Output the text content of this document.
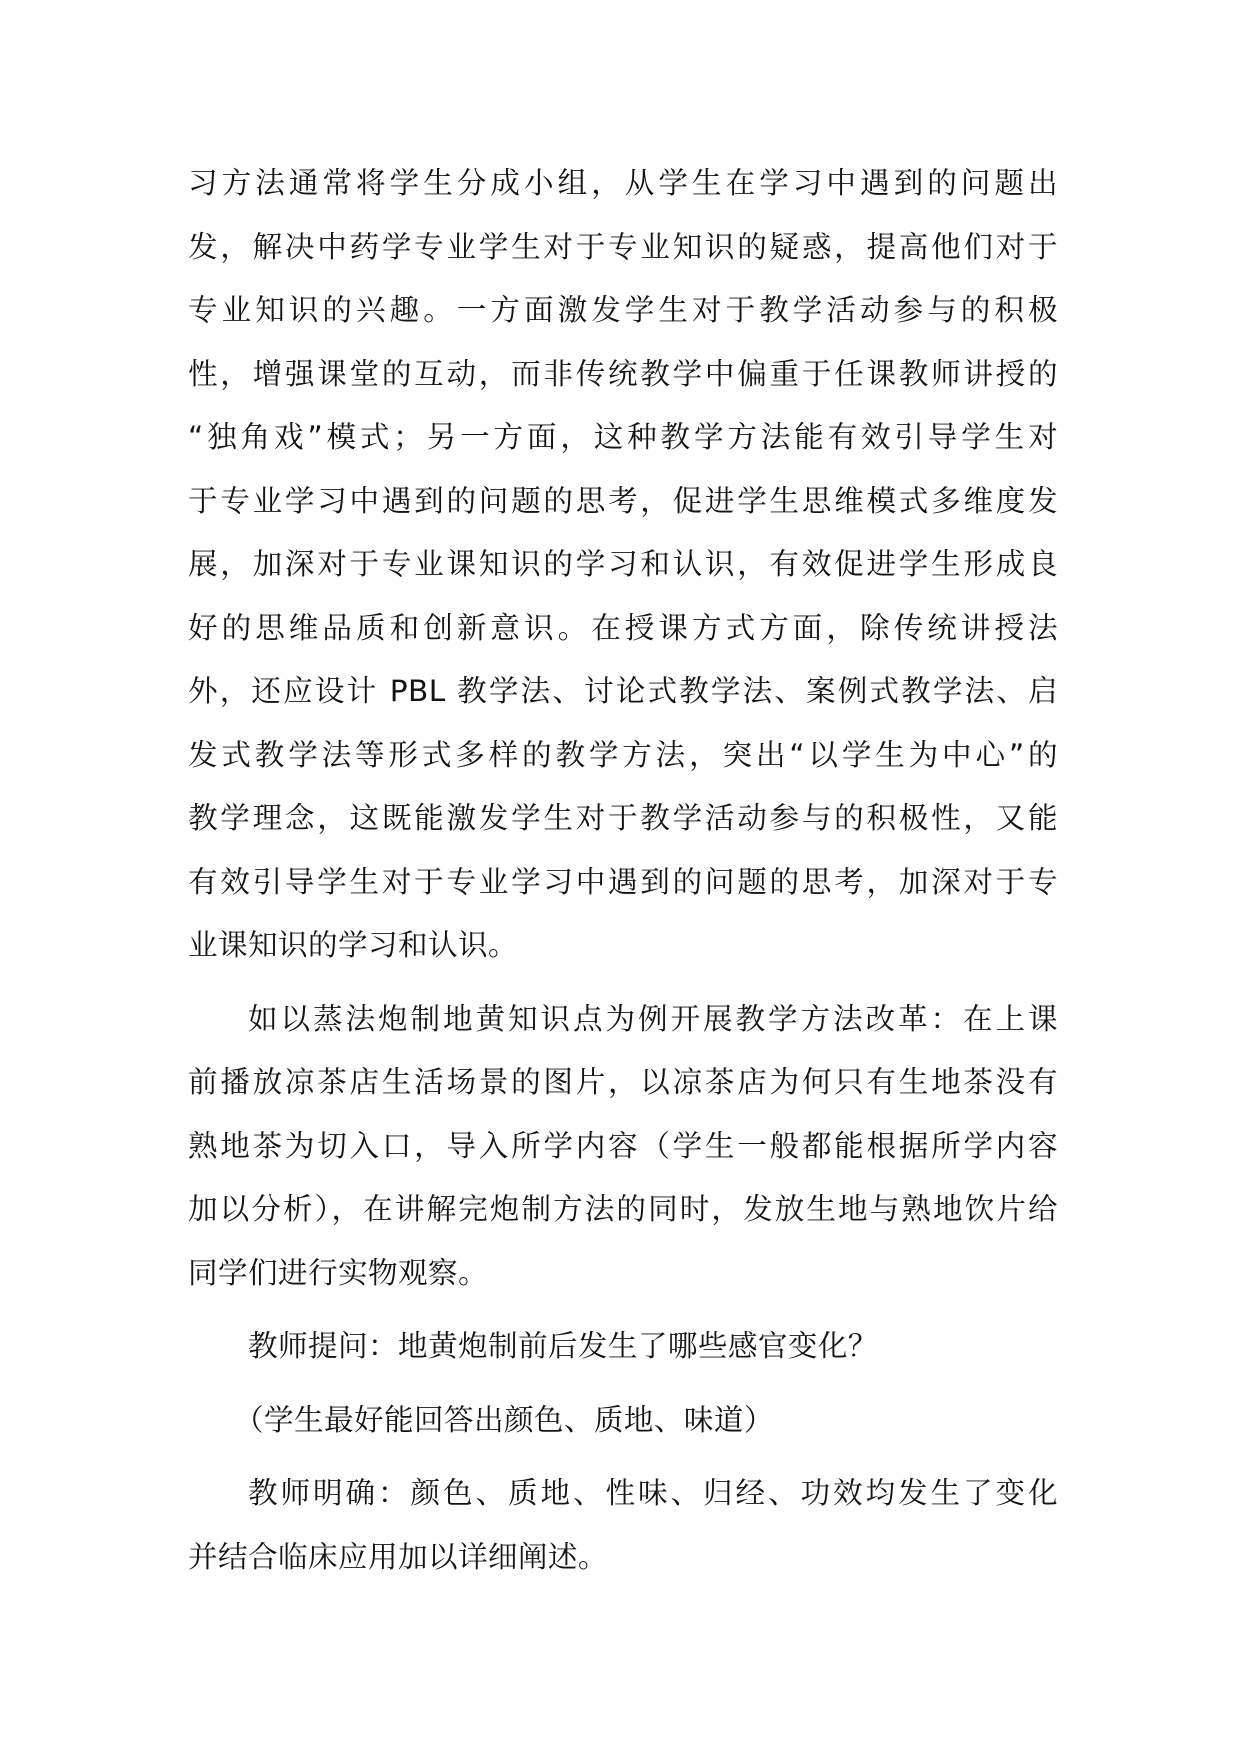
习方法通常将学生分成小组，从学生在学习中遇到的问题出
发，解决中药学专业学生对于专业知识的疑惑，提高他们对于
专业知识的兴趣。一方面激发学生对于教学活动参与的积极
性，增强课堂的互动，而非传统教学中偏重于任课教师讲授的
“独角戏”模式；另一方面，这种教学方法能有效引导学生对
于专业学习中遇到的问题的思考，促进学生思维模式多维度发
展，加深对于专业课知识的学习和认识，有效促进学生形成良
好的思维品质和创新意识。在授课方式方面，除传统讲授法
外，还应设计 PBL 教学法、讨论式教学法、案例式教学法、启
发式教学法等形式多样的教学方法，突出“以学生为中心”的
教学理念，这既能激发学生对于教学活动参与的积极性，又能
有效引导学生对于专业学习中遇到的问题的思考，加深对于专
业课知识的学习和认识。
如以蒸法炮制地黄知识点为例开展教学方法改革：在上课
前播放凉茶店生活场景的图片，以凉茶店为何只有生地茶没有
熟地茶为切入口，导入所学内容（学生一般都能根据所学内容
加以分析），在讲解完炮制方法的同时，发放生地与熟地饮片给
同学们进行实物观察。
教师提问：地黄炮制前后发生了哪些感官变化？
（学生最好能回答出颜色、质地、味道）
教师明确：颜色、质地、性味、归经、功效均发生了变化
并结合临床应用加以详细阐述。
